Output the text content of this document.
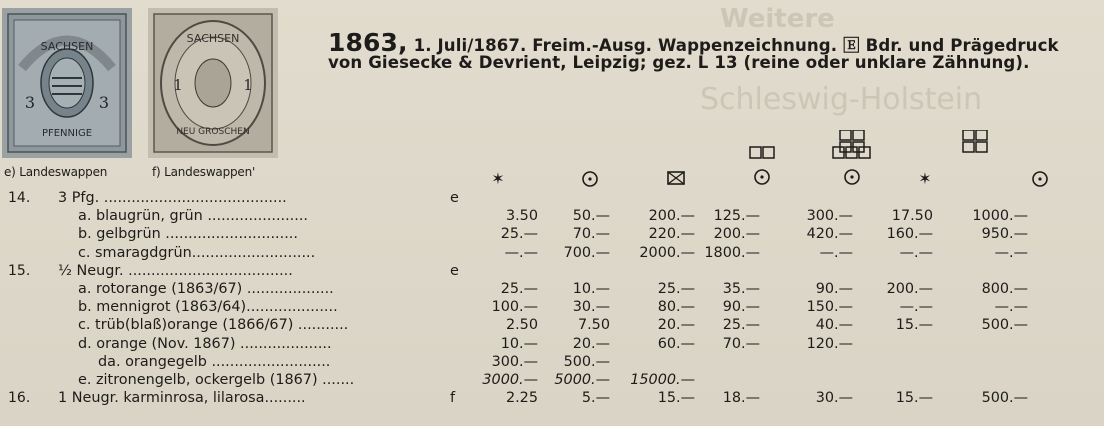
Weitere
Schleswig-Holstein
SACHSEN
3	3
PFENNIGE
SACHSEN
1	1
NEU GROSCHEN
e) Landeswappen	f) Landeswappen'
1863, 1. Juli/1867. Freim.-Ausg. Wappenzeichnung. 🄴 Bdr. und Prägedruck von Giesecke & Devrient, Leipzig; gez. L 13 (reine oder unklare Zähnung).
✶	✶
14. 3 Pfg. ........................................	e
a. blaugrün, grün ......................	3.50	50.—	200.—	125.—	300.—	17.50	1000.—
b. gelbgrün .............................	25.—	70.—	220.—	200.—	420.—	160.—	950.—
c. smaragdgrün...........................	—.—	700.—	2000.— 1800.—	—.—	—.—	—.—
15. ½ Neugr. ....................................	e
a. rotorange (1863/67) ...................	25.—	10.—	25.—	35.—	90.—	200.—	800.—
b. mennigrot (1863/64)....................	100.—	30.—	80.—	90.—	150.—	—.—	—.—
c. trüb(blaß)orange (1866/67) ...........	2.50	7.50	20.—	25.—	40.—	15.—	500.—
d. orange (Nov. 1867) ....................	10.—	20.—	60.—	70.—	120.—
da. orangegelb ..........................	300.—	500.—
e. zitronengelb, ockergelb (1867) .......	3000.—	5000.—	15000.—
16. 1 Neugr. karminrosa, lilarosa.........	f	2.25	5.—	15.—	18.—	30.—	15.—	500.—
